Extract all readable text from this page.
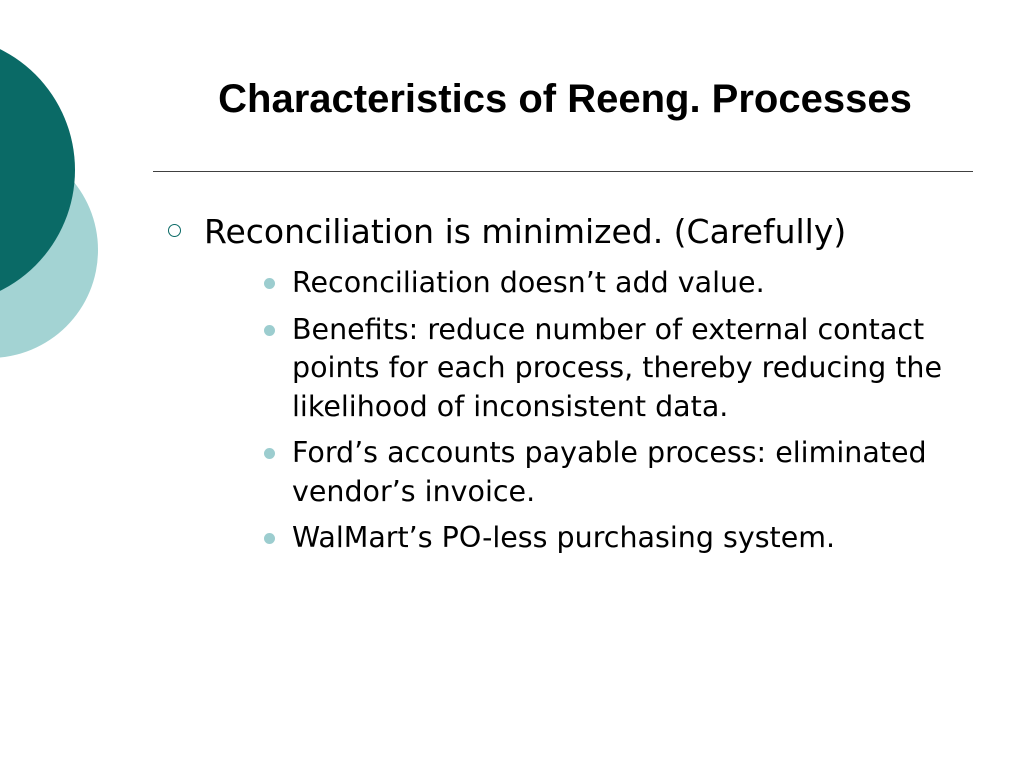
Characteristics of Reeng. Processes
Reconciliation is minimized. (Carefully)
Reconciliation doesn’t add value.
Benefits: reduce number of external contact points for each process, thereby reducing the likelihood of inconsistent data.
Ford’s accounts payable process: eliminated vendor’s invoice.
WalMart’s PO-less purchasing system.
